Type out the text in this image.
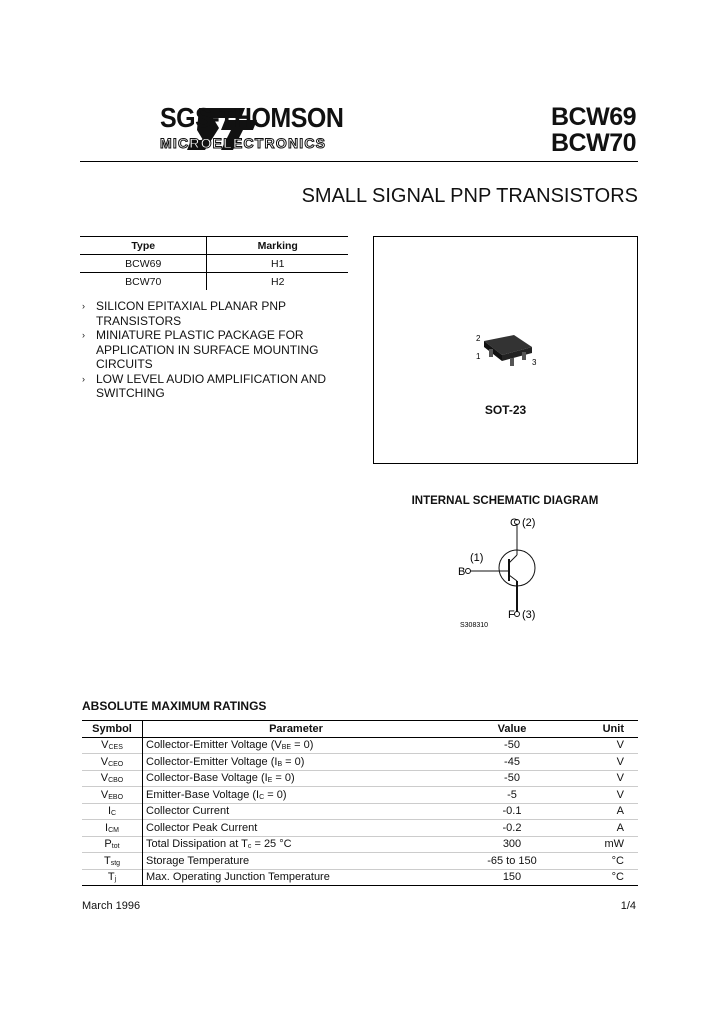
SGS-THOMSON
MICROELECTRONICS
BCW69
BCW70
SMALL SIGNAL PNP TRANSISTORS
Type	Marking
BCW69	H1
BCW70	H2
› SILICON EPITAXIAL PLANAR PNP TRANSISTORS
› MINIATURE PLASTIC PACKAGE FOR APPLICATION IN SURFACE MOUNTING CIRCUITS
› LOW LEVEL AUDIO AMPLIFICATION AND SWITCHING
2
1
3
SOT-23
INTERNAL SCHEMATIC DIAGRAM
C (2)
B
(1)
F (3)
S308310
ABSOLUTE MAXIMUM RATINGS
Symbol	Parameter	Value	Unit
$V_{CES}$	Collector-Emitter Voltage $(V_{BE} = 0)$	-50	V
$V_{CEO}$	Collector-Emitter Voltage $(I_B = 0)$	-45	V
$V_{CBO}$	Collector-Base Voltage $(I_E = 0)$	-50	V
$V_{EBO}$	Emitter-Base Voltage $(I_C = 0)$	-5	V
$I_C$	Collector Current	-0.1	A
$I_{CM}$	Collector Peak Current	-0.2	A
$P_{tot}$	Total Dissipation at $T_c = 25$ °C	300	mW
$T_{stg}$	Storage Temperature	-65 to 150	°C
$T_j$	Max. Operating Junction Temperature	150	°C
March 1996	1/4
